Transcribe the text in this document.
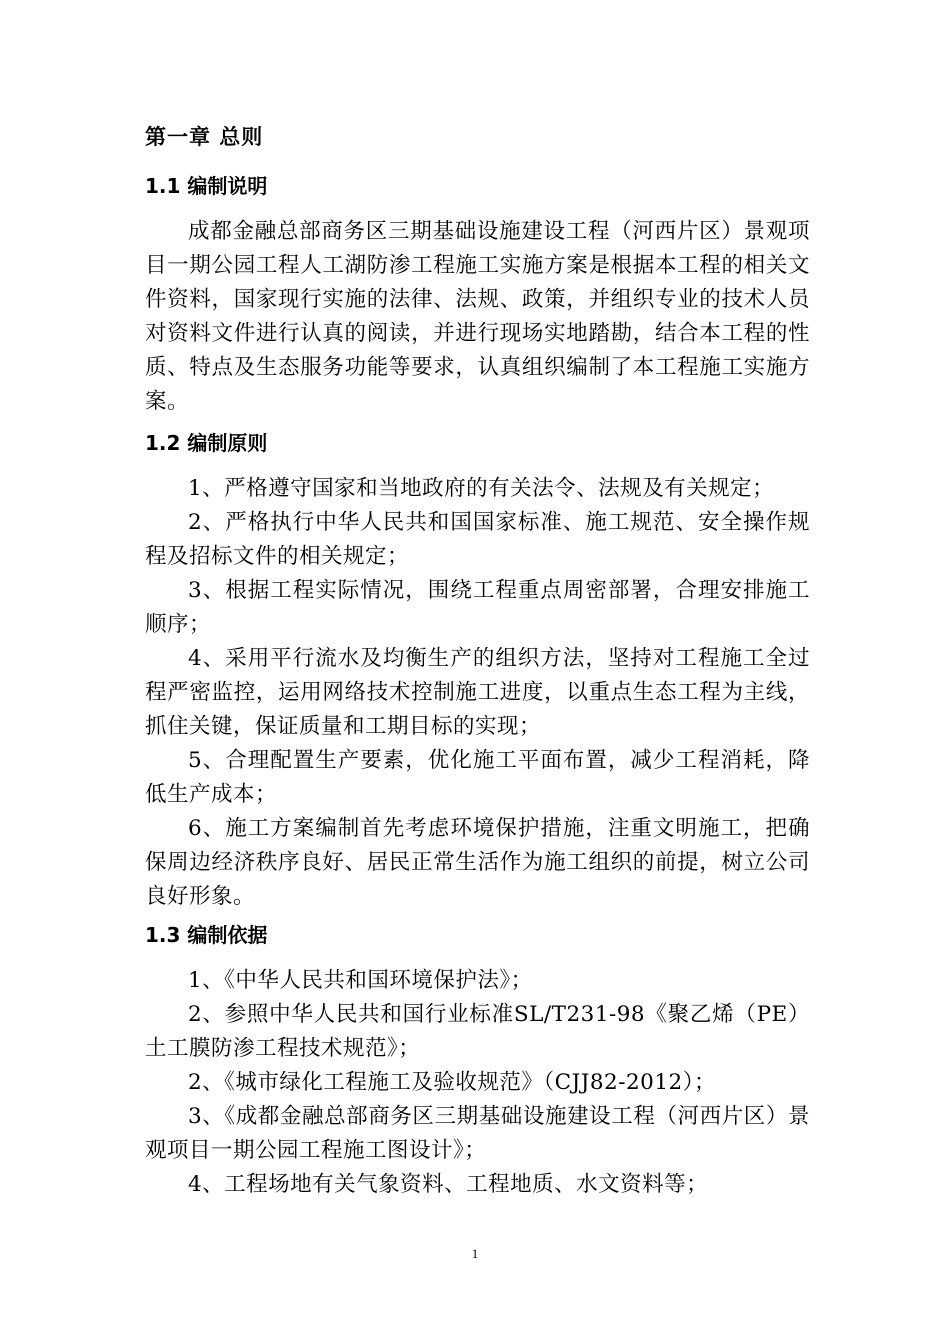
第一章 总则
1.1 编制说明

成都金融总部商务区三期基础设施建设工程（河西片区）景观项目一期公园工程人工湖防渗工程施工实施方案是根据本工程的相关文件资料，国家现行实施的法律、法规、政策，并组织专业的技术人员对资料文件进行认真的阅读，并进行现场实地踏勘，结合本工程的性质、特点及生态服务功能等要求，认真组织编制了本工程施工实施方案。

1.2 编制原则

1、严格遵守国家和当地政府的有关法令、法规及有关规定；

2、严格执行中华人民共和国国家标准、施工规范、安全操作规程及招标文件的相关规定；

3、根据工程实际情况，围绕工程重点周密部署，合理安排施工顺序；

4、采用平行流水及均衡生产的组织方法，坚持对工程施工全过程严密监控，运用网络技术控制施工进度，以重点生态工程为主线，抓住关键，保证质量和工期目标的实现；

5、合理配置生产要素，优化施工平面布置，减少工程消耗，降低生产成本；

6、施工方案编制首先考虑环境保护措施，注重文明施工，把确保周边经济秩序良好、居民正常生活作为施工组织的前提，树立公司良好形象。

1.3 编制依据

1、《中华人民共和国环境保护法》；

2、参照中华人民共和国行业标准SL/T231-98《聚乙烯（PE）土工膜防渗工程技术规范》；

2、《城市绿化工程施工及验收规范》（CJJ82-2012）；

3、《成都金融总部商务区三期基础设施建设工程（河西片区）景观项目一期公园工程施工图设计》；

4、工程场地有关气象资料、工程地质、水文资料等；

1
